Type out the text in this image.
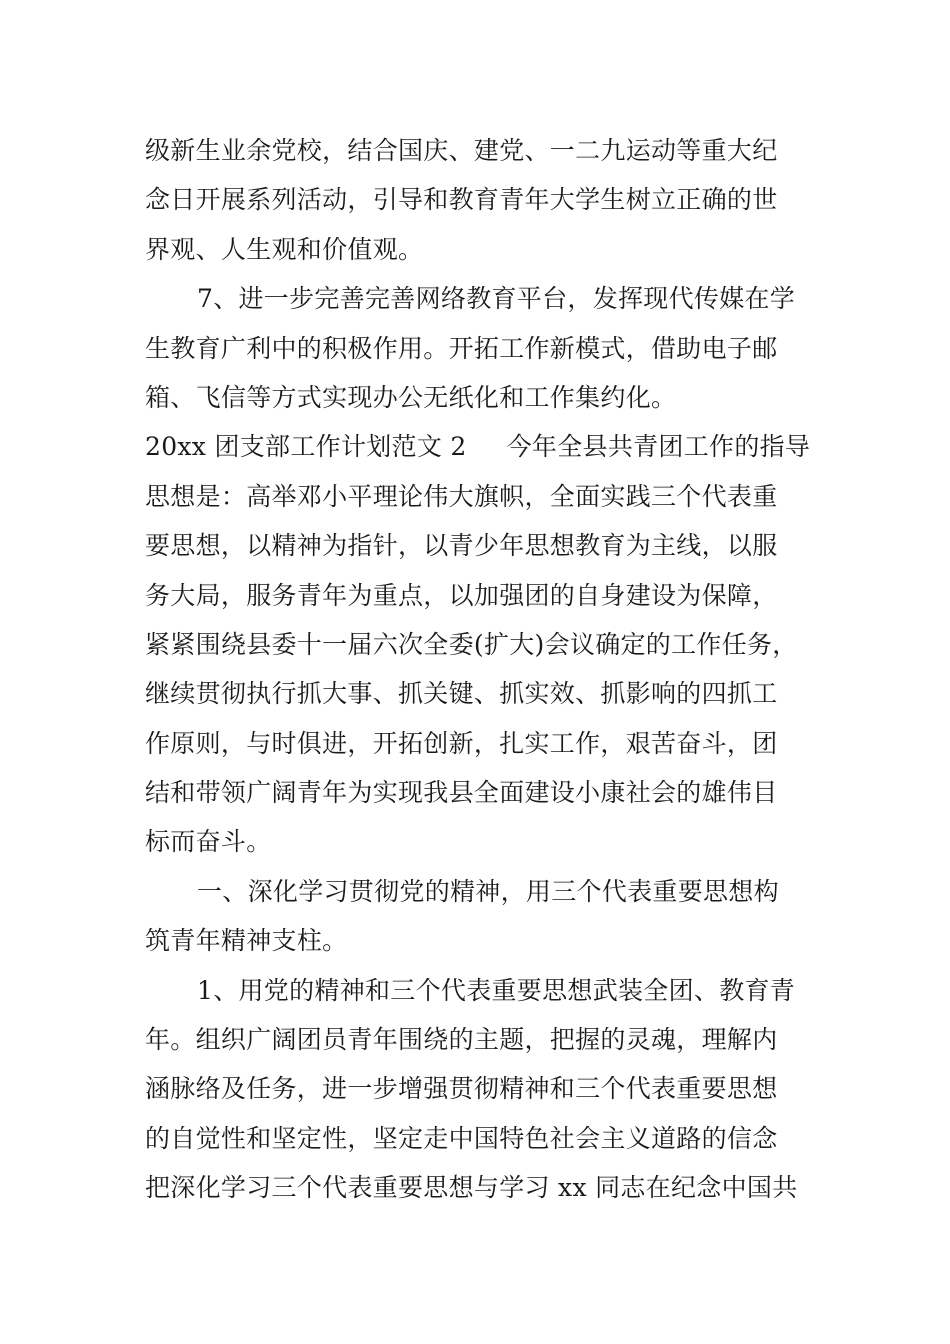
级新生业余党校，结合国庆、建党、一二九运动等重大纪
念日开展系列活动，引导和教育青年大学生树立正确的世
界观、人生观和价值观。
7、进一步完善完善网络教育平台，发挥现代传媒在学
生教育广利中的积极作用。开拓工作新模式，借助电子邮
箱、飞信等方式实现办公无纸化和工作集约化。
20xx 团支部工作计划范文 2 今年全县共青团工作的指导
思想是：高举邓小平理论伟大旗帜，全面实践三个代表重
要思想，以精神为指针，以青少年思想教育为主线，以服
务大局，服务青年为重点，以加强团的自身建设为保障，
紧紧围绕县委十一届六次全委(扩大)会议确定的工作任务，
继续贯彻执行抓大事、抓关键、抓实效、抓影响的四抓工
作原则，与时俱进，开拓创新，扎实工作，艰苦奋斗，团
结和带领广阔青年为实现我县全面建设小康社会的雄伟目
标而奋斗。
一、深化学习贯彻党的精神，用三个代表重要思想构
筑青年精神支柱。
1、用党的精神和三个代表重要思想武装全团、教育青
年。组织广阔团员青年围绕的主题，把握的灵魂，理解内
涵脉络及任务，进一步增强贯彻精神和三个代表重要思想
的自觉性和坚定性，坚定走中国特色社会主义道路的信念
把深化学习三个代表重要思想与学习 xx 同志在纪念中国共
